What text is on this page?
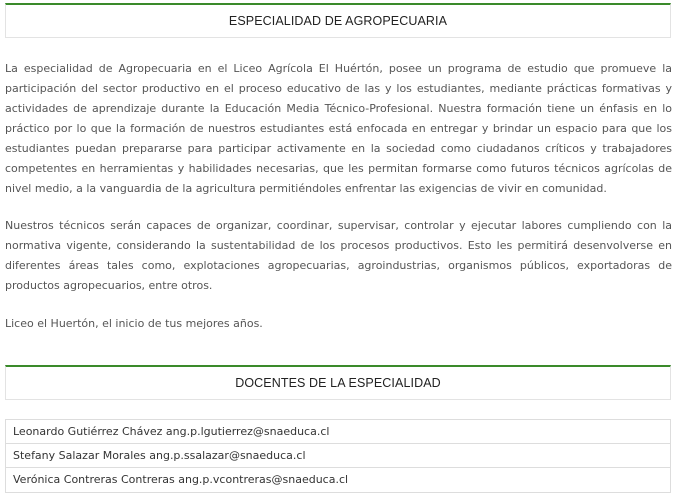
ESPECIALIDAD DE AGROPECUARIA

La especialidad de Agropecuaria en el Liceo Agrícola El Huértón, posee un programa de estudio que promueve la participación del sector productivo en el proceso educativo de las y los estudiantes, mediante prácticas formativas y actividades de aprendizaje durante la Educación Media Técnico-Profesional. Nuestra formación tiene un énfasis en lo práctico por lo que la formación de nuestros estudiantes está enfocada en entregar y brindar un espacio para que los estudiantes puedan prepararse para participar activamente en la sociedad como ciudadanos críticos y trabajadores competentes en herramientas y habilidades necesarias, que les permitan formarse como futuros técnicos agrícolas de nivel medio, a la vanguardia de la agricultura permitiéndoles enfrentar las exigencias de vivir en comunidad.

Nuestros técnicos serán capaces de organizar, coordinar, supervisar, controlar y ejecutar labores cumpliendo con la normativa vigente, considerando la sustentabilidad de los procesos productivos. Esto les permitirá desenvolverse en diferentes áreas tales como, explotaciones agropecuarias, agroindustrias, organismos públicos, exportadoras de productos agropecuarios, entre otros.

Liceo el Huertón, el inicio de tus mejores años.

DOCENTES DE LA ESPECIALIDAD
Leonardo Gutiérrez Chávez ang.p.lgutierrez@snaeduca.cl
Stefany Salazar Morales ang.p.ssalazar@snaeduca.cl
Verónica Contreras Contreras ang.p.vcontreras@snaeduca.cl
